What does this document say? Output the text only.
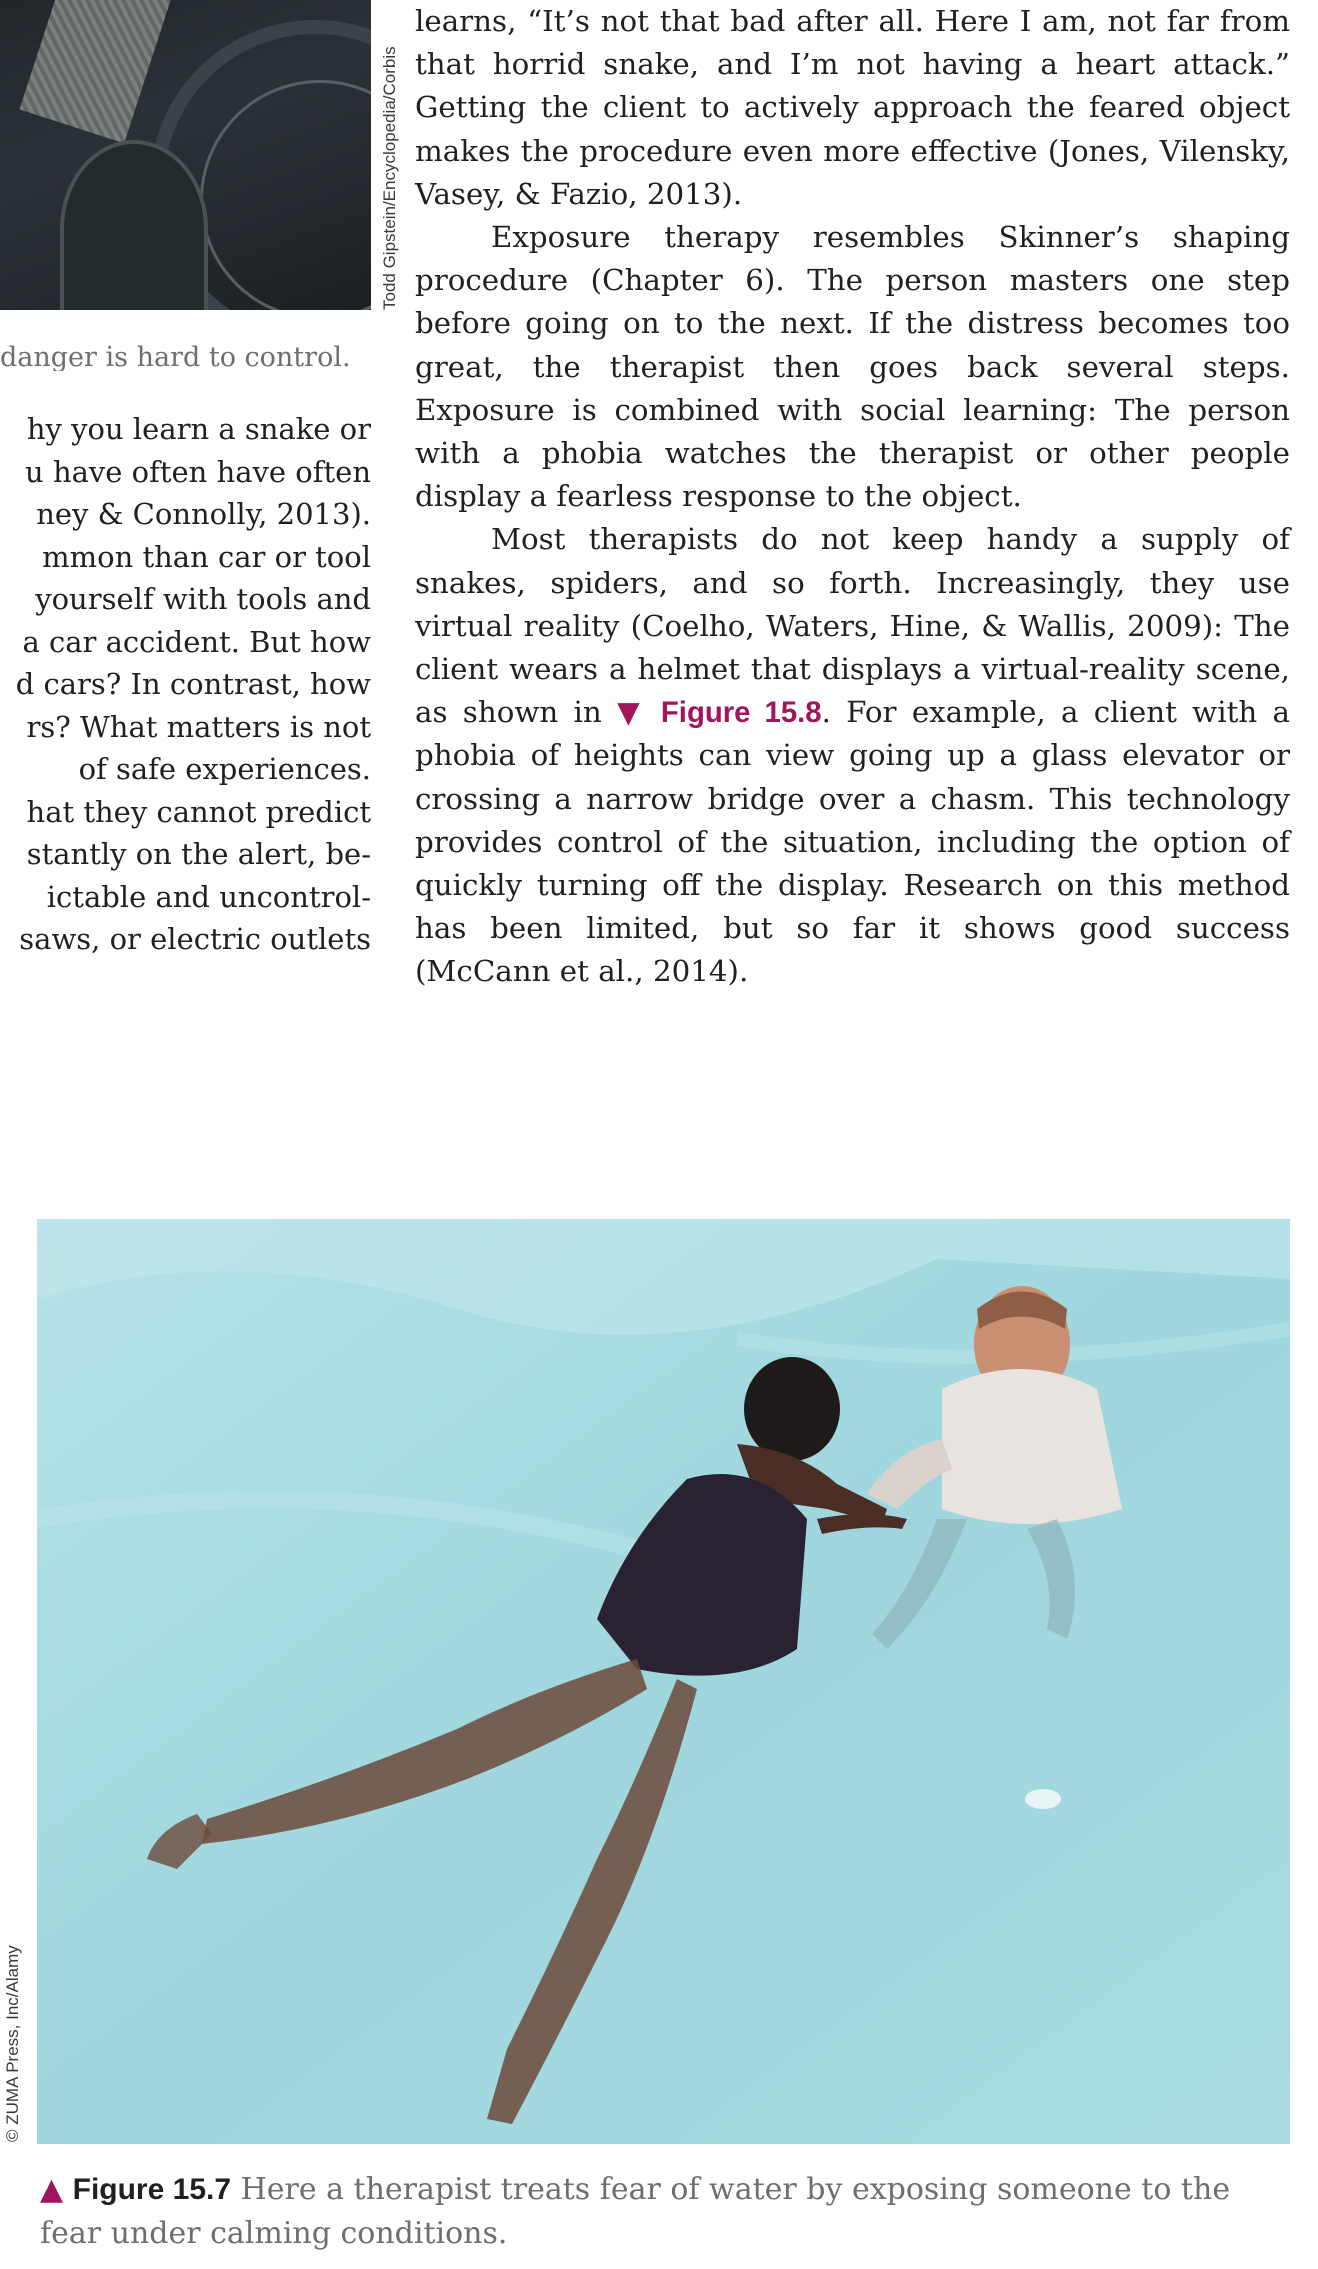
Todd Gipstein/Encyclopedia/Corbis
danger is hard to control.
hy you learn a snake or
u have often have often
ney & Connolly, 2013).
mmon than car or tool
yourself with tools and
a car accident. But how
d cars? In contrast, how
rs? What matters is not
of safe experiences.
hat they cannot predict
stantly on the alert, be-
ictable and uncontrol-
saws, or electric outlets

learns, “It’s not that bad after all. Here I am, not far from that horrid snake, and I’m not having a heart attack.” Getting the client to actively approach the feared object makes the procedure even more effective (Jones, Vilensky, Vasey, & Fazio, 2013).

Exposure therapy resembles Skinner’s shaping procedure (Chapter 6). The person masters one step before going on to the next. If the distress becomes too great, the therapist then goes back several steps. Exposure is combined with social learning: The person with a phobia watches the therapist or other people display a fearless response to the object.

Most therapists do not keep handy a supply of snakes, spiders, and so forth. Increasingly, they use virtual reality (Coelho, Waters, Hine, & Wallis, 2009): The client wears a helmet that displays a virtual-reality scene, as shown in ▼ Figure 15.8. For example, a client with a phobia of heights can view going up a glass elevator or crossing a narrow bridge over a chasm. This technology provides control of the situation, including the option of quickly turning off the display. Research on this method has been limited, but so far it shows good success (McCann et al., 2014).

© ZUMA Press, Inc/Alamy
▲ Figure 15.7 Here a therapist treats fear of water by exposing someone to the fear under calming conditions.
